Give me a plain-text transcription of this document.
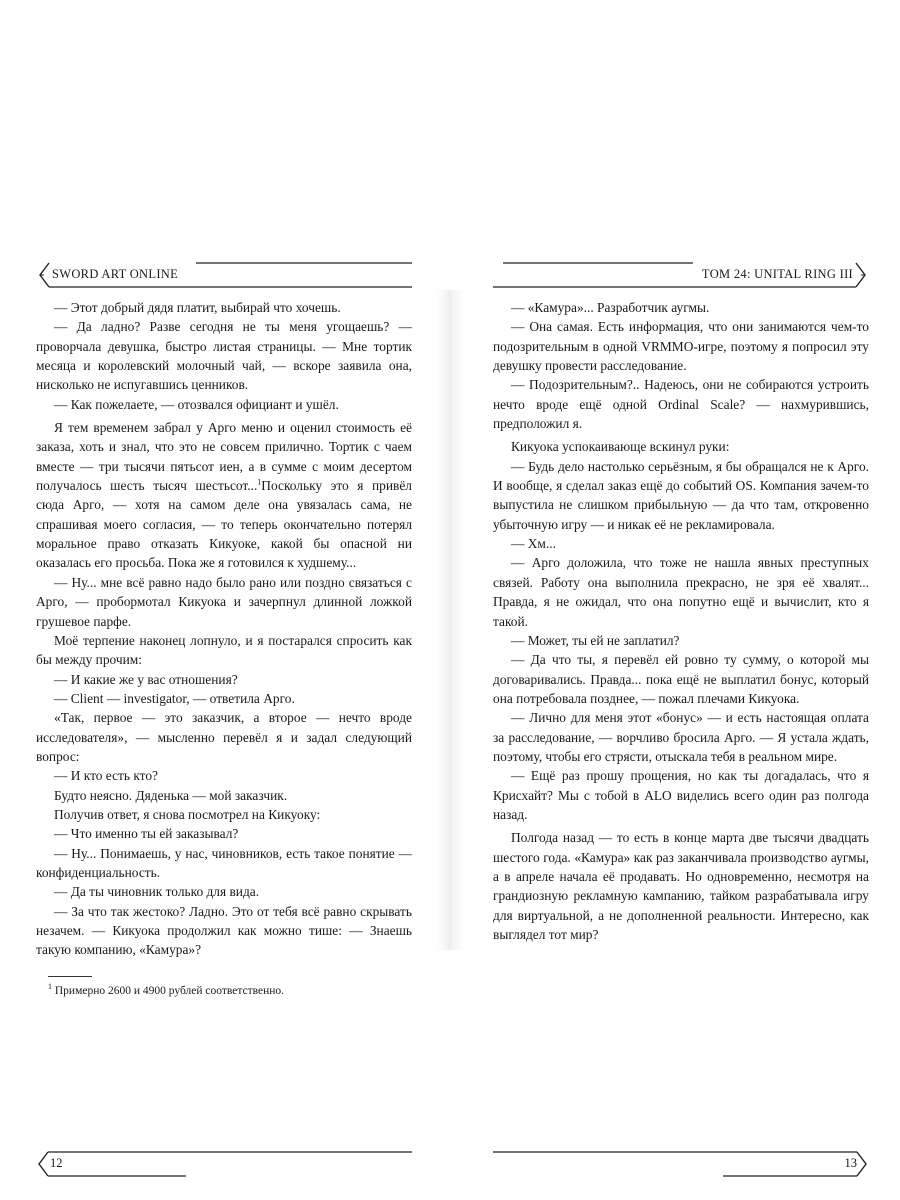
SWORD ART ONLINE

— Этот добрый дядя платит, выбирай что хочешь.

— Да ладно? Разве сегодня не ты меня угощаешь? — проворчала девушка, быстро листая страницы. — Мне тортик месяца и королевский молочный чай, — вскоре заявила она, нисколько не испугавшись ценников.

— Как пожелаете, — отозвался официант и ушёл.

Я тем временем забрал у Арго меню и оценил стоимость её заказа, хоть и знал, что это не совсем прилично. Тортик с чаем вместе — три тысячи пятьсот иен, а в сумме с моим десертом получалось шесть тысяч шестьсот...$^1$Поскольку это я привёл сюда Арго, — хотя на самом деле она увязалась сама, не спрашивая моего согласия, — то теперь окончательно потерял моральное право отказать Кикуоке, какой бы опасной ни оказалась его просьба. Пока же я готовился к худшему...

— Ну... мне всё равно надо было рано или поздно связаться с Арго, — пробормотал Кикуока и зачерпнул длинной ложкой грушевое парфе.

Моё терпение наконец лопнуло, и я постарался спросить как бы между прочим:

— И какие же у вас отношения?

— Client — investigator, — ответила Арго.

«Так, первое — это заказчик, а второе — нечто вроде исследователя», — мысленно перевёл я и задал следующий вопрос:

— И кто есть кто?

Будто неясно. Дяденька — мой заказчик.

Получив ответ, я снова посмотрел на Кикуоку:

— Что именно ты ей заказывал?

— Ну... Понимаешь, у нас, чиновников, есть такое понятие — конфиденциальность.

— Да ты чиновник только для вида.

— За что так жестоко? Ладно. Это от тебя всё равно скрывать незачем. — Кикуока продолжил как можно тише: — Знаешь такую компанию, «Камура»?

$^1$ Примерно 2600 и 4900 рублей соответственно.
12
ТОМ 24: UNITAL RING III

— «Камура»... Разработчик аугмы.

— Она самая. Есть информация, что они занимаются чем-то подозрительным в одной VRMMO-игре, поэтому я попросил эту девушку провести расследование.

— Подозрительным?.. Надеюсь, они не собираются устроить нечто вроде ещё одной Ordinal Scale? — нахмурившись, предположил я.

Кикуока успокаивающе вскинул руки:

— Будь дело настолько серьёзным, я бы обращался не к Арго. И вообще, я сделал заказ ещё до событий OS. Компания зачем-то выпустила не слишком прибыльную — да что там, откровенно убыточную игру — и никак её не рекламировала.

— Хм...

— Арго доложила, что тоже не нашла явных преступных связей. Работу она выполнила прекрасно, не зря её хвалят... Правда, я не ожидал, что она попутно ещё и вычислит, кто я такой.

— Может, ты ей не заплатил?

— Да что ты, я перевёл ей ровно ту сумму, о которой мы договаривались. Правда... пока ещё не выплатил бонус, который она потребовала позднее, — пожал плечами Кикуока.

— Лично для меня этот «бонус» — и есть настоящая оплата за расследование, — ворчливо бросила Арго. — Я устала ждать, поэтому, чтобы его стрясти, отыскала тебя в реальном мире.

— Ещё раз прошу прощения, но как ты догадалась, что я Крисхайт? Мы с тобой в ALO виделись всего один раз полгода назад.

Полгода назад — то есть в конце марта две тысячи двадцать шестого года. «Камура» как раз заканчивала производство аугмы, а в апреле начала её продавать. Но одновременно, несмотря на грандиозную рекламную кампанию, тайком разрабатывала игру для виртуальной, а не дополненной реальности. Интересно, как выглядел тот мир?

13
